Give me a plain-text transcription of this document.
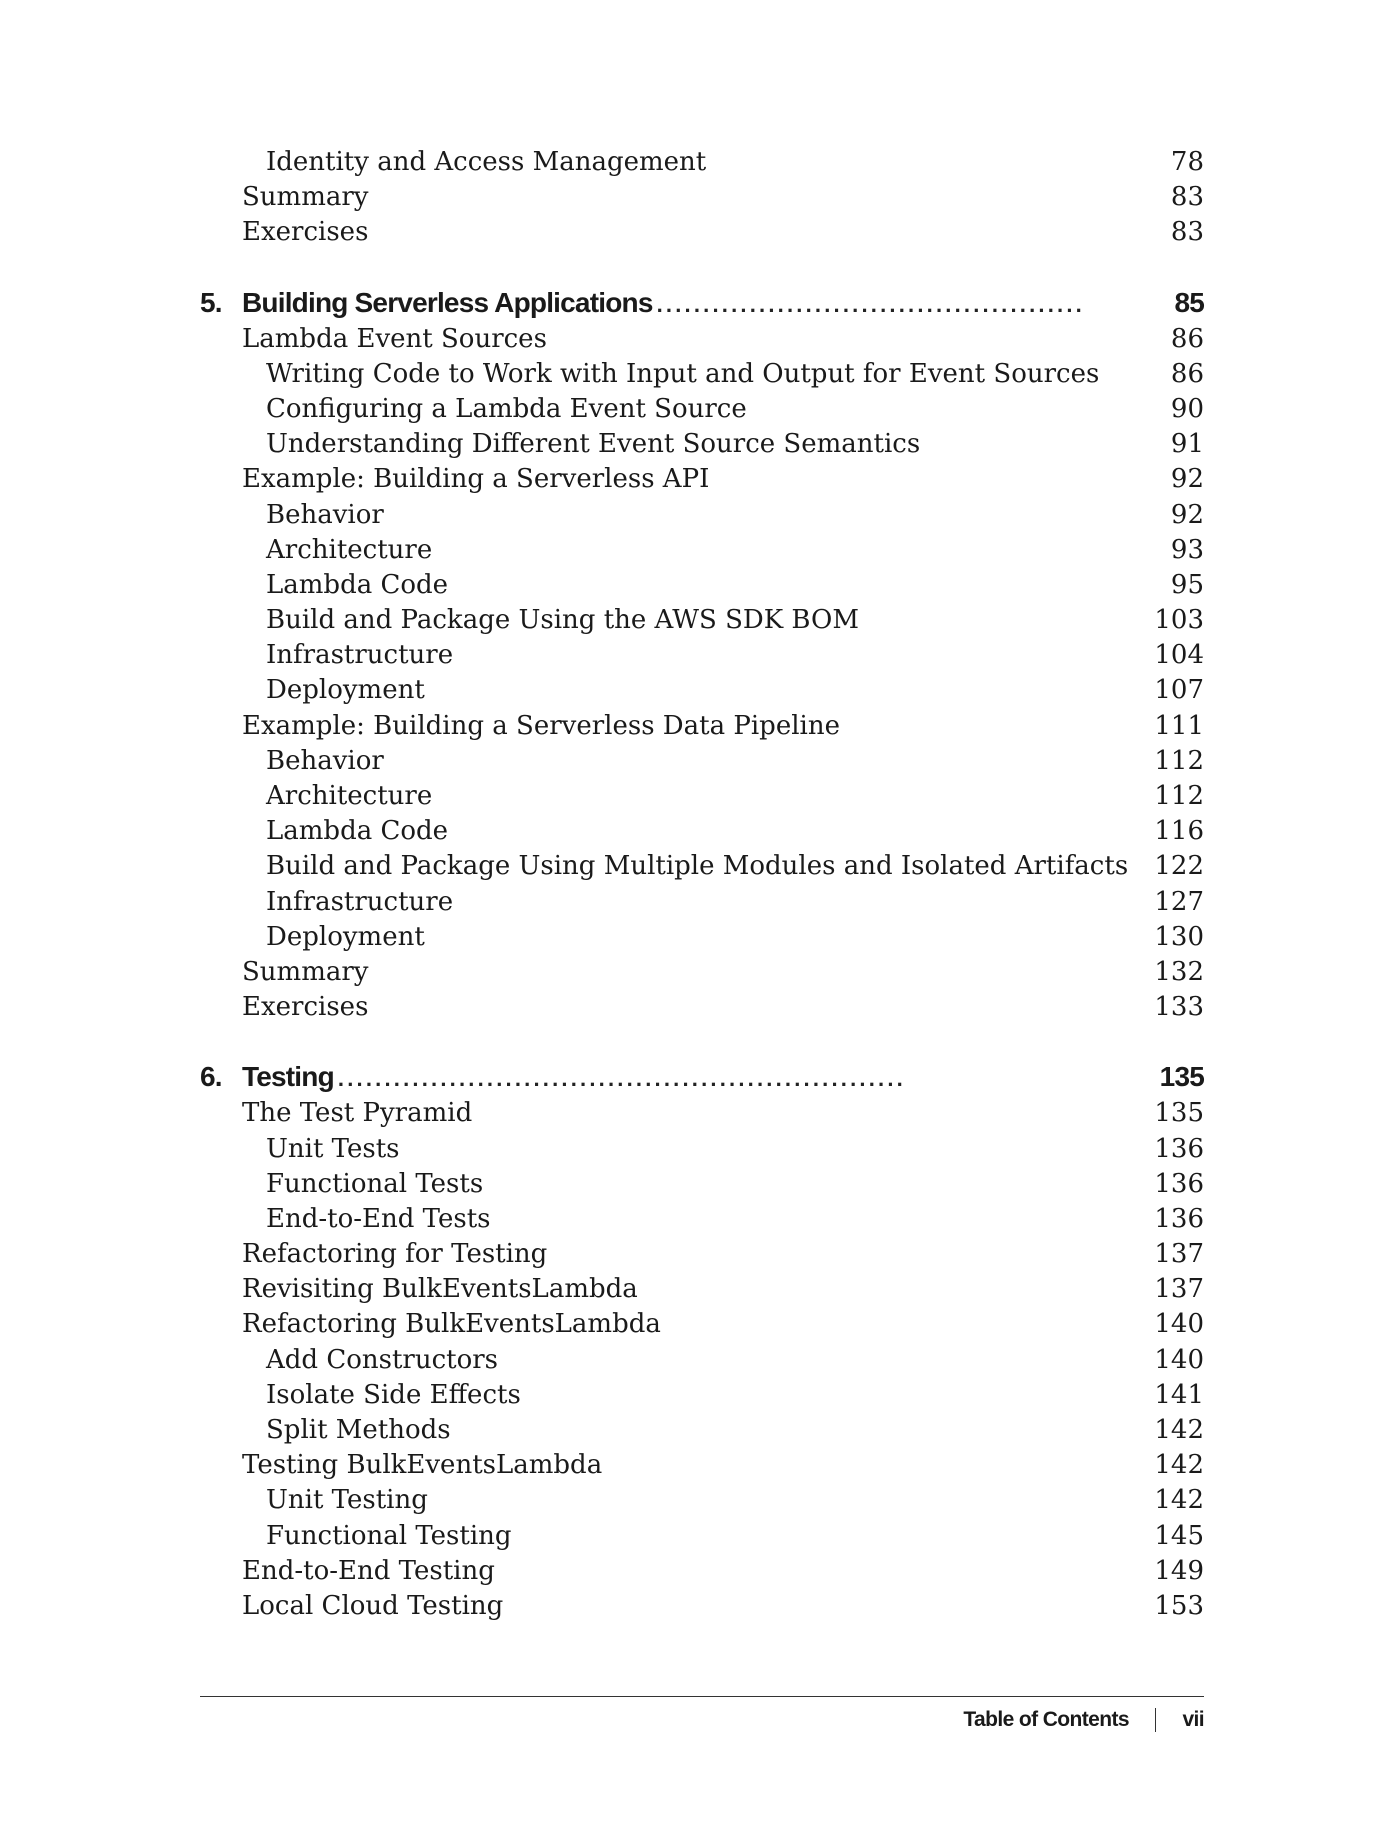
Identity and Access Management	78
Summary	83
Exercises	83
5. Building Serverless Applications ..............................................	85
Lambda Event Sources	86
Writing Code to Work with Input and Output for Event Sources	86
Configuring a Lambda Event Source	90
Understanding Different Event Source Semantics	91
Example: Building a Serverless API	92
Behavior	92
Architecture	93
Lambda Code	95
Build and Package Using the AWS SDK BOM	103
Infrastructure	104
Deployment	107
Example: Building a Serverless Data Pipeline	111
Behavior	112
Architecture	112
Lambda Code	116
Build and Package Using Multiple Modules and Isolated Artifacts	122
Infrastructure	127
Deployment	130
Summary	132
Exercises	133
6. Testing .............................................................	135
The Test Pyramid	135
Unit Tests	136
Functional Tests	136
End-to-End Tests	136
Refactoring for Testing	137
Revisiting BulkEventsLambda	137
Refactoring BulkEventsLambda	140
Add Constructors	140
Isolate Side Effects	141
Split Methods	142
Testing BulkEventsLambda	142
Unit Testing	142
Functional Testing	145
End-to-End Testing	149
Local Cloud Testing	153
Table of Contents	vii
